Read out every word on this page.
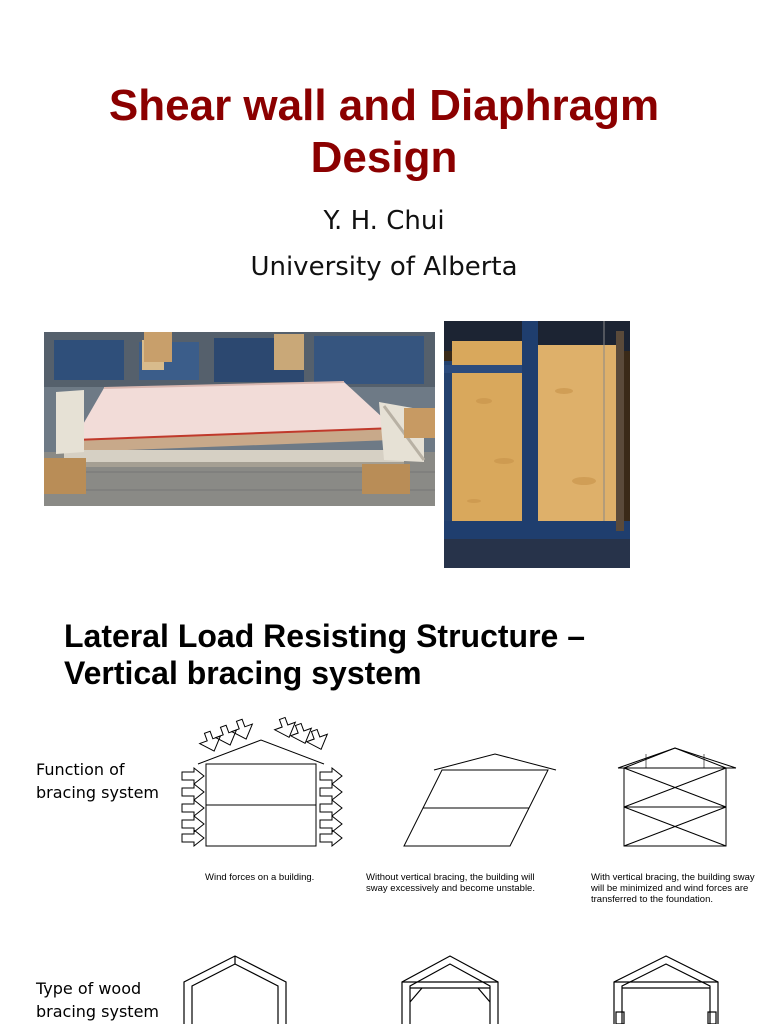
Shear wall and Diaphragm
Design
Y. H. Chui
University of Alberta
Lateral Load Resisting Structure –
Vertical bracing system
Function of
bracing system
Wind forces on a building.	Without vertical bracing, the building will
sway excessively and become unstable.
With vertical bracing, the building sway
will be minimized and wind forces are
transferred to the foundation.
Type of wood
bracing system
